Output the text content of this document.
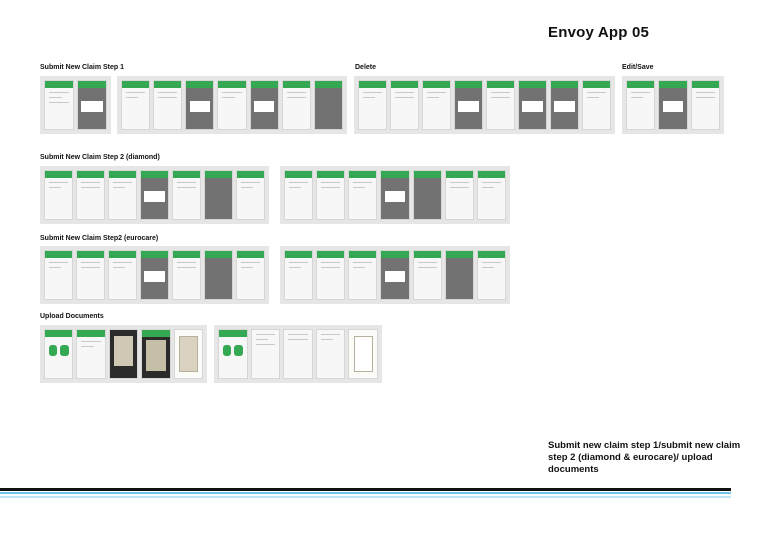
Envoy App 05
Submit New Claim Step 1	Delete	Edit/Save
Submit New Claim Step 2 (diamond)
Submit New Claim Step2 (eurocare)
Upload Documents
Submit new claim step 1/submit new claim step 2 (diamond & eurocare)/ upload documents
